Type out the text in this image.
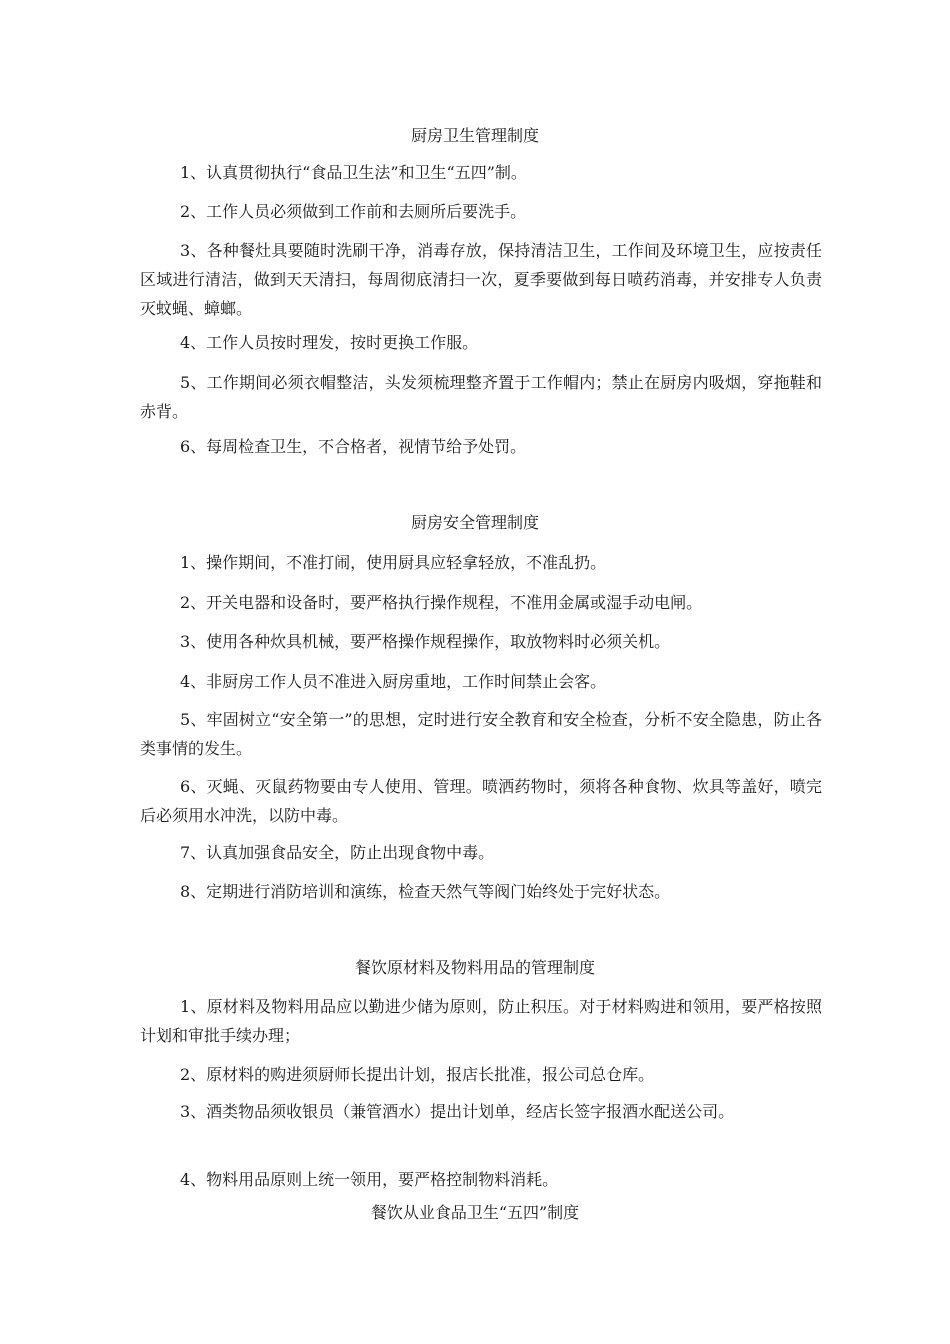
厨房卫生管理制度
1、认真贯彻执行“食品卫生法”和卫生“五四”制。
2、工作人员必须做到工作前和去厕所后要洗手。
3、各种餐灶具要随时洗刷干净，消毒存放，保持清洁卫生，工作间及环境卫生，应按责任区域进行清洁，做到天天清扫，每周彻底清扫一次，夏季要做到每日喷药消毒，并安排专人负责灭蚊蝇、蟑螂。
4、工作人员按时理发，按时更换工作服。
5、工作期间必须衣帽整洁，头发须梳理整齐置于工作帽内；禁止在厨房内吸烟，穿拖鞋和赤背。
6、每周检查卫生，不合格者，视情节给予处罚。
厨房安全管理制度
1、操作期间，不准打闹，使用厨具应轻拿轻放，不准乱扔。
2、开关电器和设备时，要严格执行操作规程，不准用金属或湿手动电闸。
3、使用各种炊具机械，要严格操作规程操作，取放物料时必须关机。
4、非厨房工作人员不准进入厨房重地，工作时间禁止会客。
5、牢固树立“安全第一”的思想，定时进行安全教育和安全检查，分析不安全隐患，防止各类事情的发生。
6、灭蝇、灭鼠药物要由专人使用、管理。喷洒药物时，须将各种食物、炊具等盖好，喷完后必须用水冲洗，以防中毒。
7、认真加强食品安全，防止出现食物中毒。
8、定期进行消防培训和演练，检查天然气等阀门始终处于完好状态。
餐饮原材料及物料用品的管理制度
1、原材料及物料用品应以勤进少储为原则，防止积压。对于材料购进和领用，要严格按照计划和审批手续办理；
2、原材料的购进须厨师长提出计划，报店长批准，报公司总仓库。
3、酒类物品须收银员（兼管酒水）提出计划单，经店长签字报酒水配送公司。
4、物料用品原则上统一领用，要严格控制物料消耗。
餐饮从业食品卫生“五四”制度
